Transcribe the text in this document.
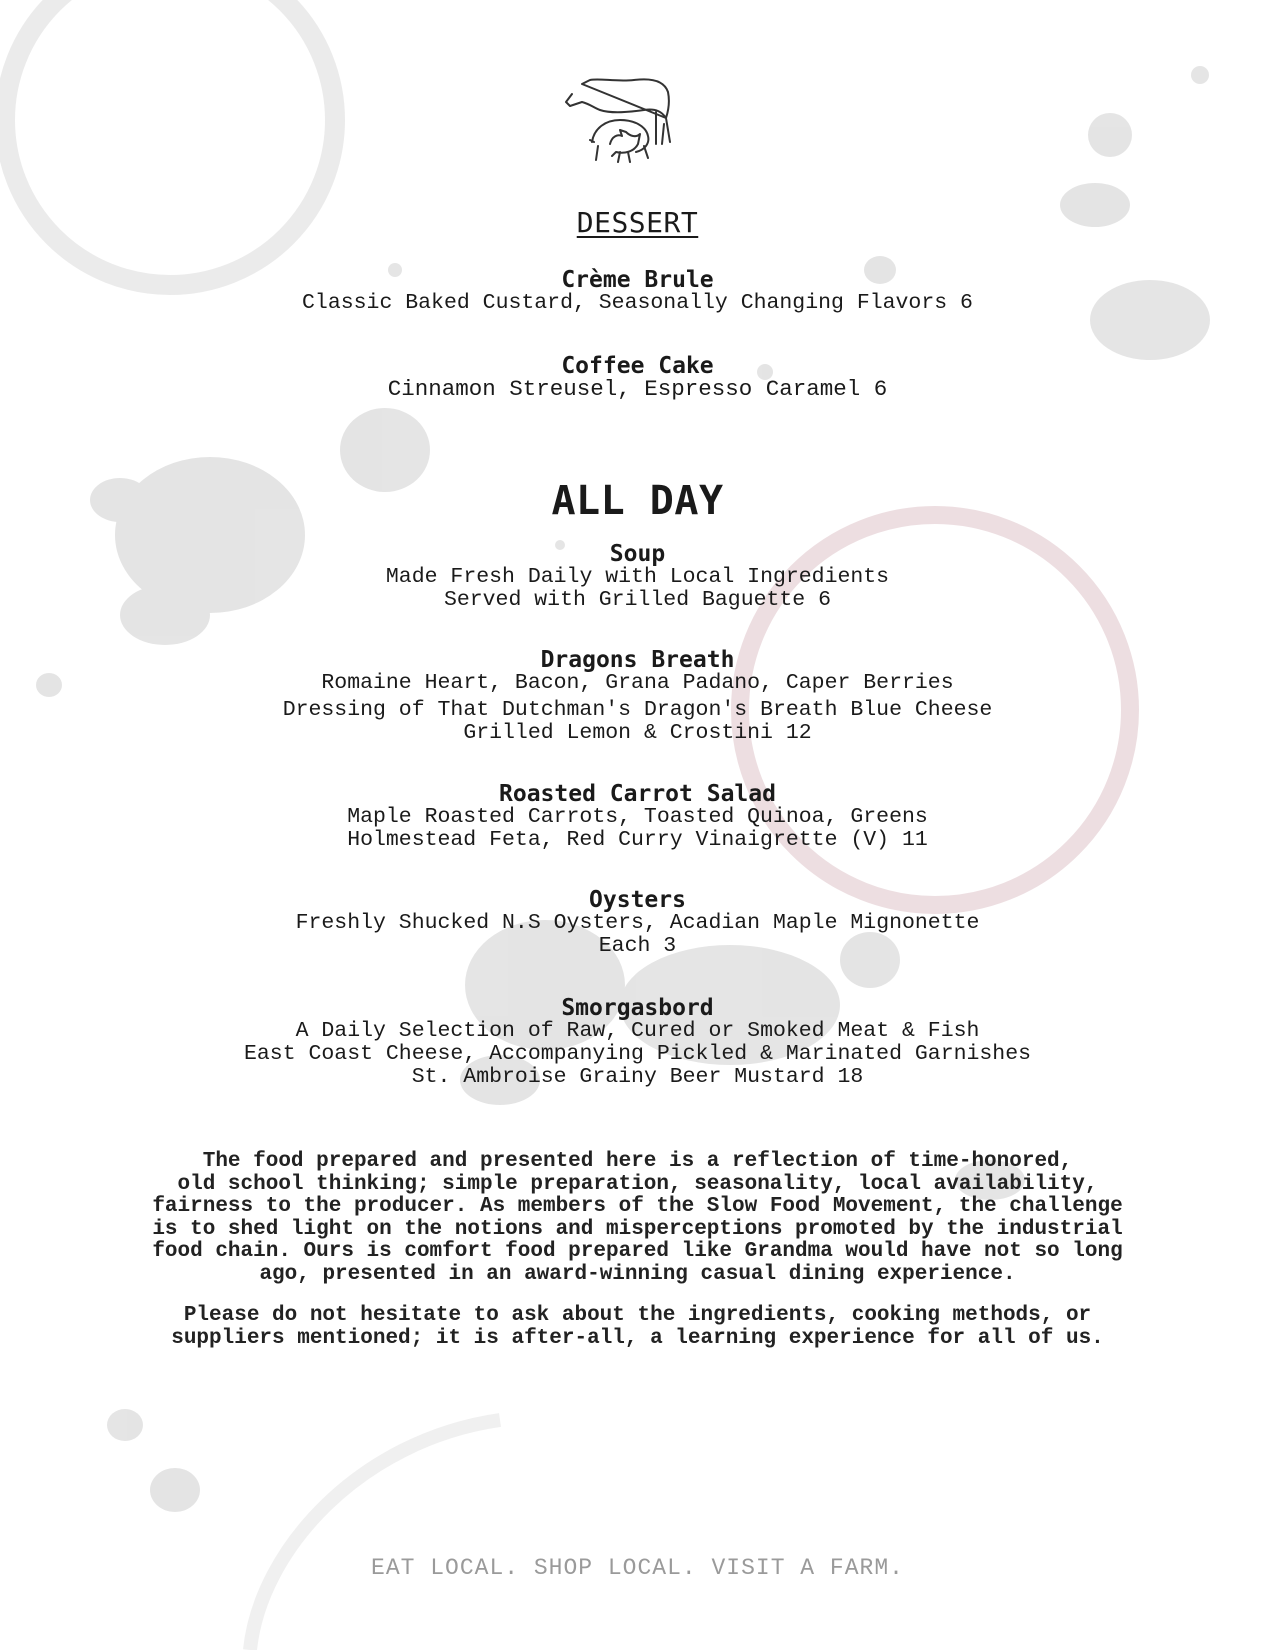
DESSERT
Crème Brule
Classic Baked Custard, Seasonally Changing Flavors 6
Coffee Cake
Cinnamon Streusel, Espresso Caramel 6
ALL DAY
Soup
Made Fresh Daily with Local Ingredients
Served with Grilled Baguette 6
Dragons Breath
Romaine Heart, Bacon, Grana Padano, Caper Berries
Dressing of That Dutchman's Dragon's Breath Blue Cheese
Grilled Lemon & Crostini 12
Roasted Carrot Salad
Maple Roasted Carrots, Toasted Quinoa, Greens
Holmestead Feta, Red Curry Vinaigrette (V) 11
Oysters
Freshly Shucked N.S Oysters, Acadian Maple Mignonette
Each 3
Smorgasbord
A Daily Selection of Raw, Cured or Smoked Meat & Fish
East Coast Cheese, Accompanying Pickled & Marinated Garnishes
St. Ambroise Grainy Beer Mustard 18
The food prepared and presented here is a reflection of time-honored,
old school thinking; simple preparation, seasonality, local availability,
fairness to the producer. As members of the Slow Food Movement, the challenge
is to shed light on the notions and misperceptions promoted by the industrial
food chain. Ours is comfort food prepared like Grandma would have not so long
ago, presented in an award-winning casual dining experience.
Please do not hesitate to ask about the ingredients, cooking methods, or
suppliers mentioned; it is after-all, a learning experience for all of us.
EAT LOCAL. SHOP LOCAL. VISIT A FARM.
